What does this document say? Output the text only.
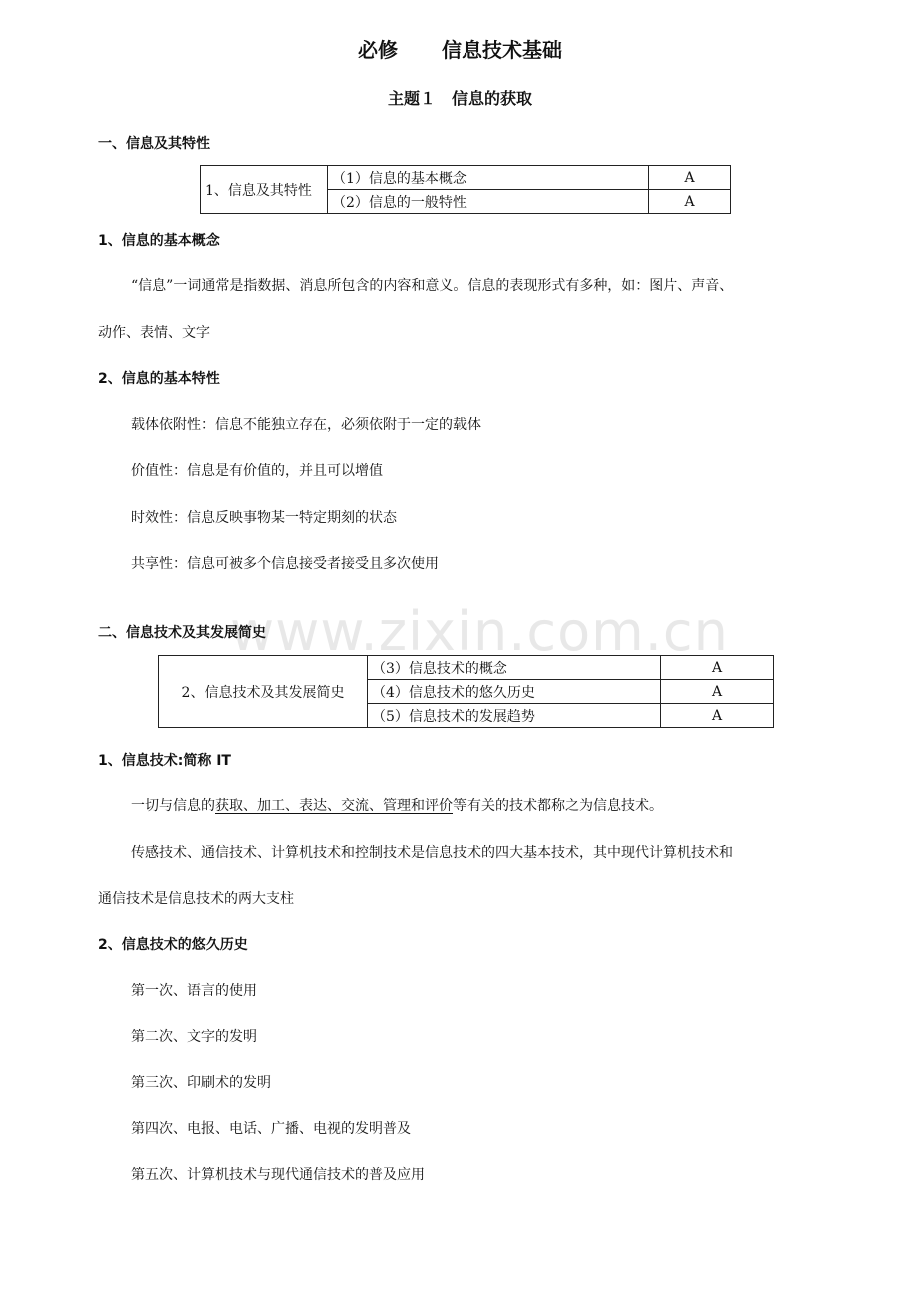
www.zixin.com.cn
必修 信息技术基础
主题１ 信息的获取
一、信息及其特性
1、信息及其特性	（1）信息的基本概念	A
	（2）信息的一般特性	A
1、信息的基本概念
“信息”一词通常是指数据、消息所包含的内容和意义。信息的表现形式有多种，如：图片、声音、
动作、表情、文字
2、信息的基本特性
载体依附性：信息不能独立存在，必须依附于一定的载体
价值性：信息是有价值的，并且可以增值
时效性：信息反映事物某一特定期刻的状态
共享性：信息可被多个信息接受者接受且多次使用
二、信息技术及其发展简史
2、信息技术及其发展简史	（3）信息技术的概念	A
	（4）信息技术的悠久历史	A
	（5）信息技术的发展趋势	A
1、信息技术:简称 IT
一切与信息的获取、加工、表达、交流、管理和评价等有关的技术都称之为信息技术。
传感技术、通信技术、计算机技术和控制技术是信息技术的四大基本技术，其中现代计算机技术和
通信技术是信息技术的两大支柱
2、信息技术的悠久历史
第一次、语言的使用
第二次、文字的发明
第三次、印刷术的发明
第四次、电报、电话、广播、电视的发明普及
第五次、计算机技术与现代通信技术的普及应用
